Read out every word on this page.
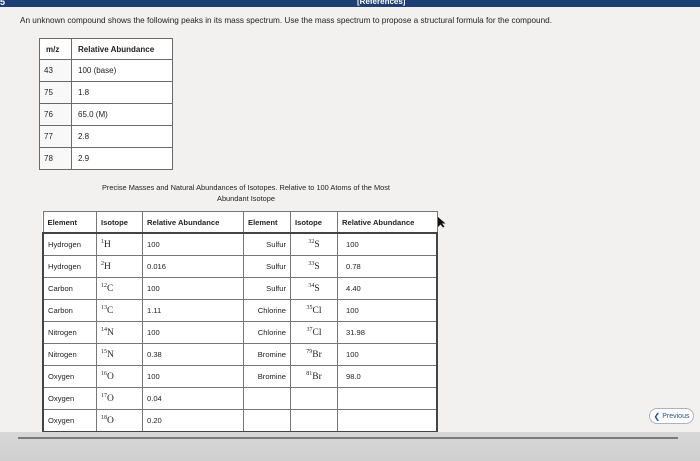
5	[References]
An unknown compound shows the following peaks in its mass spectrum. Use the mass spectrum to propose a structural formula for the compound.
m/z	Relative Abundance
43	100 (base)
75	1.8
76	65.0 (M)
77	2.8
78	2.9
Precise Masses and Natural Abundances of Isotopes. Relative to 100 Atoms of the Most
Abundant Isotope
Element	Isotope	Relative Abundance	Element	Isotope	Relative Abundance
Hydrogen	$^1$H	100	Sulfur	$^{32}$S	100
Hydrogen	$^2$H	0.016	Sulfur	$^{33}$S	0.78
Carbon	$^{12}$C	100	Sulfur	$^{34}$S	4.40
Carbon	$^{13}$C	1.11	Chlorine	$^{35}$Cl	100
Nitrogen	$^{14}$N	100	Chlorine	$^{37}$Cl	31.98
Nitrogen	$^{15}$N	0.38	Bromine	$^{79}$Br	100
Oxygen	$^{16}$O	100	Bromine	$^{81}$Br	98.0
Oxygen	$^{17}$O	0.04			
Oxygen	$^{18}$O	0.20				❮ Previous
